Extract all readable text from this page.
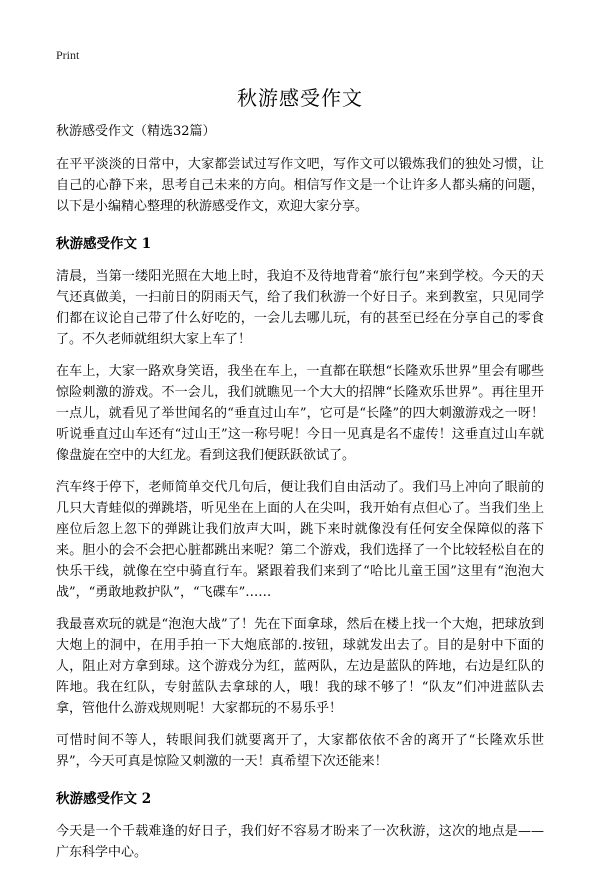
Print
秋游感受作文

秋游感受作文（精选32篇）

在平平淡淡的日常中，大家都尝试过写作文吧，写作文可以锻炼我们的独处习惯，让自己的心静下来，思考自己未来的方向。相信写作文是一个让许多人都头痛的问题，以下是小编精心整理的秋游感受作文，欢迎大家分享。

秋游感受作文 1

清晨，当第一缕阳光照在大地上时，我迫不及待地背着“旅行包”来到学校。今天的天气还真做美，一扫前日的阴雨天气，给了我们秋游一个好日子。来到教室，只见同学们都在议论自己带了什么好吃的，一会儿去哪儿玩，有的甚至已经在分享自己的零食了。不久老师就组织大家上车了！

在车上，大家一路欢身笑语，我坐在车上，一直都在联想“长隆欢乐世界”里会有哪些惊险刺激的游戏。不一会儿，我们就瞧见一个大大的招牌“长隆欢乐世界”。再往里开一点儿，就看见了举世闻名的“垂直过山车”，它可是“长隆”的四大刺激游戏之一呀！听说垂直过山车还有“过山王”这一称号呢！今日一见真是名不虚传！这垂直过山车就像盘旋在空中的大红龙。看到这我们便跃跃欲试了。

汽车终于停下，老师简单交代几句后，便让我们自由活动了。我们马上冲向了眼前的几只大青蛙似的弹跳塔，听见坐在上面的人在尖叫，我开始有点但心了。当我们坐上座位后忽上忽下的弹跳让我们放声大叫，跳下来时就像没有任何安全保障似的落下来。胆小的会不会把心脏都跳出来呢？第二个游戏，我们选择了一个比较轻松自在的快乐干线，就像在空中骑直行车。紧跟着我们来到了“哈比儿童王国”这里有“泡泡大战”，“勇敢地救护队”，“飞碟车”……

我最喜欢玩的就是“泡泡大战”了！先在下面拿球，然后在楼上找一个大炮，把球放到大炮上的洞中，在用手拍一下大炮底部的.按钮，球就发出去了。目的是射中下面的人，阻止对方拿到球。这个游戏分为红，蓝两队，左边是蓝队的阵地，右边是红队的阵地。我在红队，专射蓝队去拿球的人，哦！我的球不够了！“队友”们冲进蓝队去拿，管他什么游戏规则呢！大家都玩的不易乐乎！

可惜时间不等人，转眼间我们就要离开了，大家都依依不舍的离开了“长隆欢乐世界”，今天可真是惊险又刺激的一天！真希望下次还能来！

秋游感受作文 2

今天是一个千载难逢的好日子，我们好不容易才盼来了一次秋游，这次的地点是——广东科学中心。
